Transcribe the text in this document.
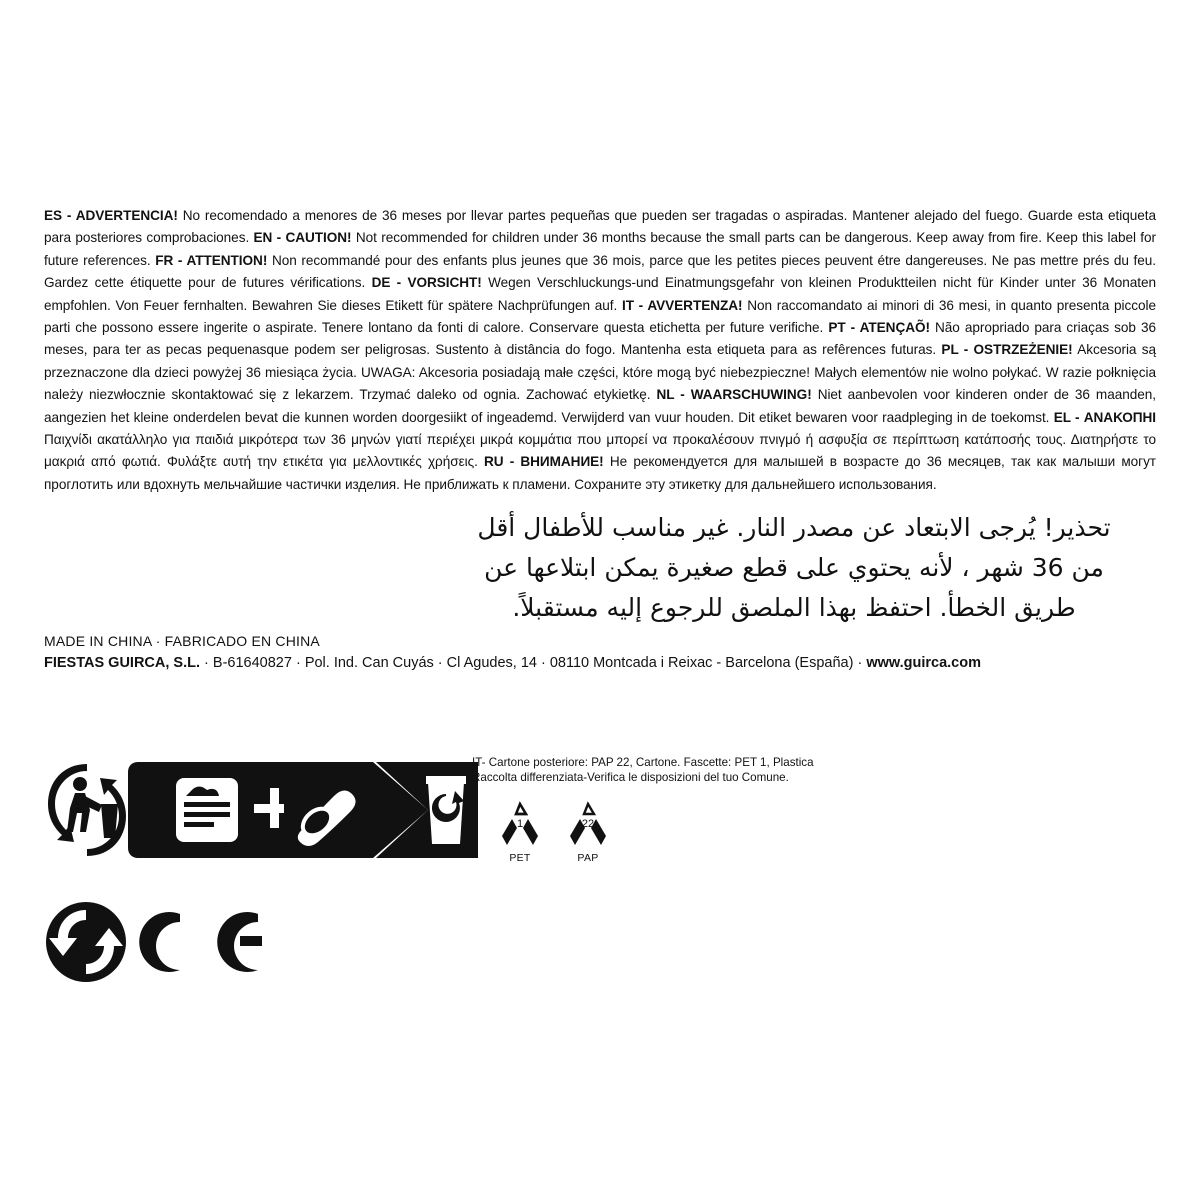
ES - ADVERTENCIA! No recomendado a menores de 36 meses por llevar partes pequeñas que pueden ser tragadas o aspiradas. Mantener alejado del fuego. Guarde esta etiqueta para posteriores comprobaciones. EN - CAUTION! Not recommended for children under 36 months because the small parts can be dangerous. Keep away from fire. Keep this label for future references. FR - ATTENTION! Non recommandé pour des enfants plus jeunes que 36 mois, parce que les petites pieces peuvent étre dangereuses. Ne pas mettre prés du feu. Gardez cette étiquette pour de futures vérifications. DE - VORSICHT! Wegen Verschluckungs-und Einatmungsgefahr von kleinen Produktteilen nicht für Kinder unter 36 Monaten empfohlen. Von Feuer fernhalten. Bewahren Sie dieses Etikett für spätere Nachprüfungen auf. IT - AVVERTENZA! Non raccomandato ai minori di 36 mesi, in quanto presenta piccole parti che possono essere ingerite o aspirate. Tenere lontano da fonti di calore. Conservare questa etichetta per future verifiche. PT - ATENÇAÕ! Não apropriado para criaças sob 36 meses, para ter as pecas pequenasque podem ser peligrosas. Sustento à distância do fogo. Mantenha esta etiqueta para as refêrences futuras. PL - OSTRZEŻENIE! Akcesoria są przeznaczone dla dzieci powyżej 36 miesiąca życia. UWAGA: Akcesoria posiadają małe części, które mogą być niebezpieczne! Małych elementów nie wolno połykać. W razie połknięcia należy niezwłocznie skontaktować się z lekarzem. Trzymać daleko od ognia. Zachować etykietkę. NL - WAARSCHUWING! Niet aanbevolen voor kinderen onder de 36 maanden, aangezien het kleine onderdelen bevat die kunnen worden doorgesiikt of ingeademd. Verwijderd van vuur houden. Dit etiket bewaren voor raadpleging in de toekomst. EL - ΑΝΑΚΟΠΗΙ Παιχνίδι ακατάλληλο για παιδιά μικρότερα των 36 μηνών γιατί περιέχει μικρά κομμάτια που μπορεί να προκαλέσουν πνιγμό ή ασφυξία σε περίπτωση κατάποσής τους. Διατηρήστε το μακριά από φωτιά. Φυλάξτε αυτή την ετικέτα για μελλοντικές χρήσεις. RU - ВНИМАНИЕ! Не рекомендуется для малышей в возрасте до 36 месяцев, так как малыши могут проглотить или вдохнуть мельчайшие частички изделия. Не приближать к пламени. Сохраните эту этикетку для дальнейшего использования.
تحذير! يُرجى الابتعاد عن مصدر النار. غير مناسب للأطفال أقل
من 36 شهر ، لأنه يحتوي على قطع صغيرة يمكن ابتلاعها عن
طريق الخطأ. احتفظ بهذا الملصق للرجوع إليه مستقبلاً.
MADE IN CHINA · FABRICADO EN CHINA
FIESTAS GUIRCA, S.L. · B-61640827 · Pol. Ind. Can Cuyás · Cl Agudes, 14 · 08110 Montcada i Reixac - Barcelona (España) · www.guirca.com
FR	IT- Cartone posteriore: PAP 22, Cartone. Fascette: PET 1, Plastica
Raccolta differenziata-Verifica le disposizioni del tuo Comune.
1
PET
22
PAP
